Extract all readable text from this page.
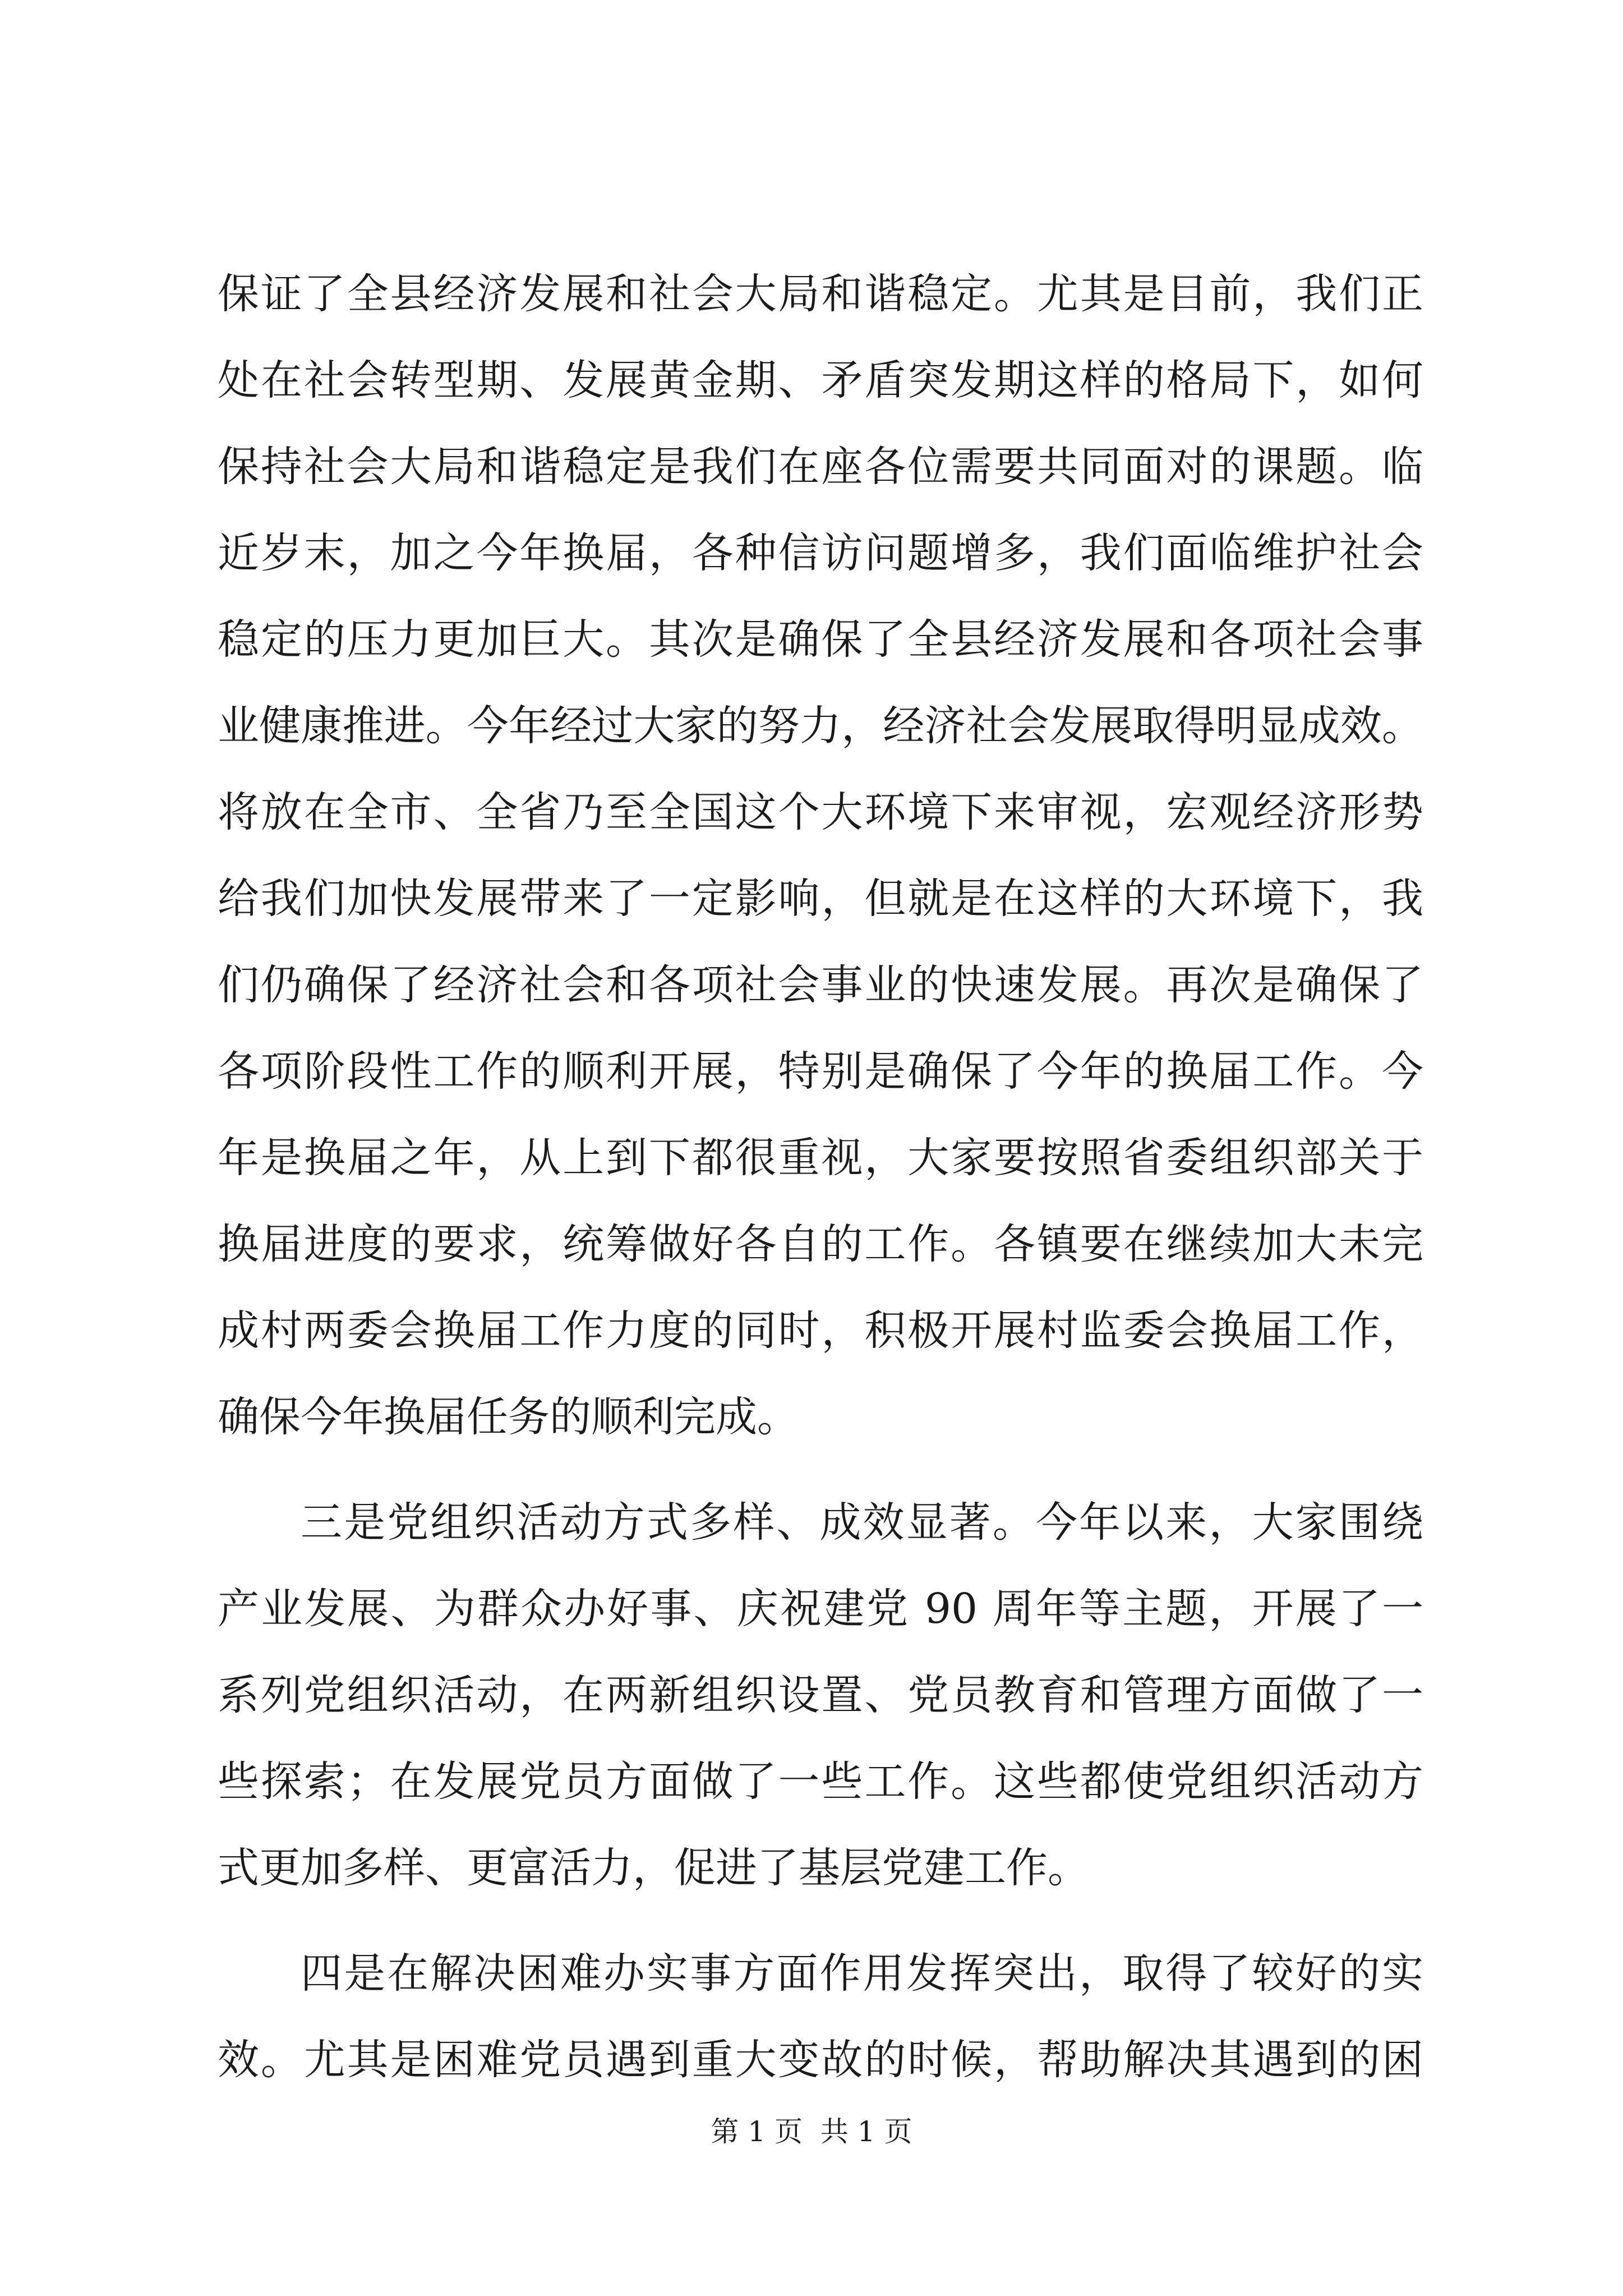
保证了全县经济发展和社会大局和谐稳定。尤其是目前，我们正
处在社会转型期、发展黄金期、矛盾突发期这样的格局下，如何
保持社会大局和谐稳定是我们在座各位需要共同面对的课题。临
近岁末，加之今年换届，各种信访问题增多，我们面临维护社会
稳定的压力更加巨大。其次是确保了全县经济发展和各项社会事
业健康推进。今年经过大家的努力，经济社会发展取得明显成效。
将放在全市、全省乃至全国这个大环境下来审视，宏观经济形势
给我们加快发展带来了一定影响，但就是在这样的大环境下，我
们仍确保了经济社会和各项社会事业的快速发展。再次是确保了
各项阶段性工作的顺利开展，特别是确保了今年的换届工作。今
年是换届之年，从上到下都很重视，大家要按照省委组织部关于
换届进度的要求，统筹做好各自的工作。各镇要在继续加大未完
成村两委会换届工作力度的同时，积极开展村监委会换届工作，
确保今年换届任务的顺利完成。
三是党组织活动方式多样、成效显著。今年以来，大家围绕
产业发展、为群众办好事、庆祝建党 90 周年等主题，开展了一
系列党组织活动，在两新组织设置、党员教育和管理方面做了一
些探索；在发展党员方面做了一些工作。这些都使党组织活动方
式更加多样、更富活力，促进了基层党建工作。
四是在解决困难办实事方面作用发挥突出，取得了较好的实
效。尤其是困难党员遇到重大变故的时候，帮助解决其遇到的困
第 1 页  共 1 页
